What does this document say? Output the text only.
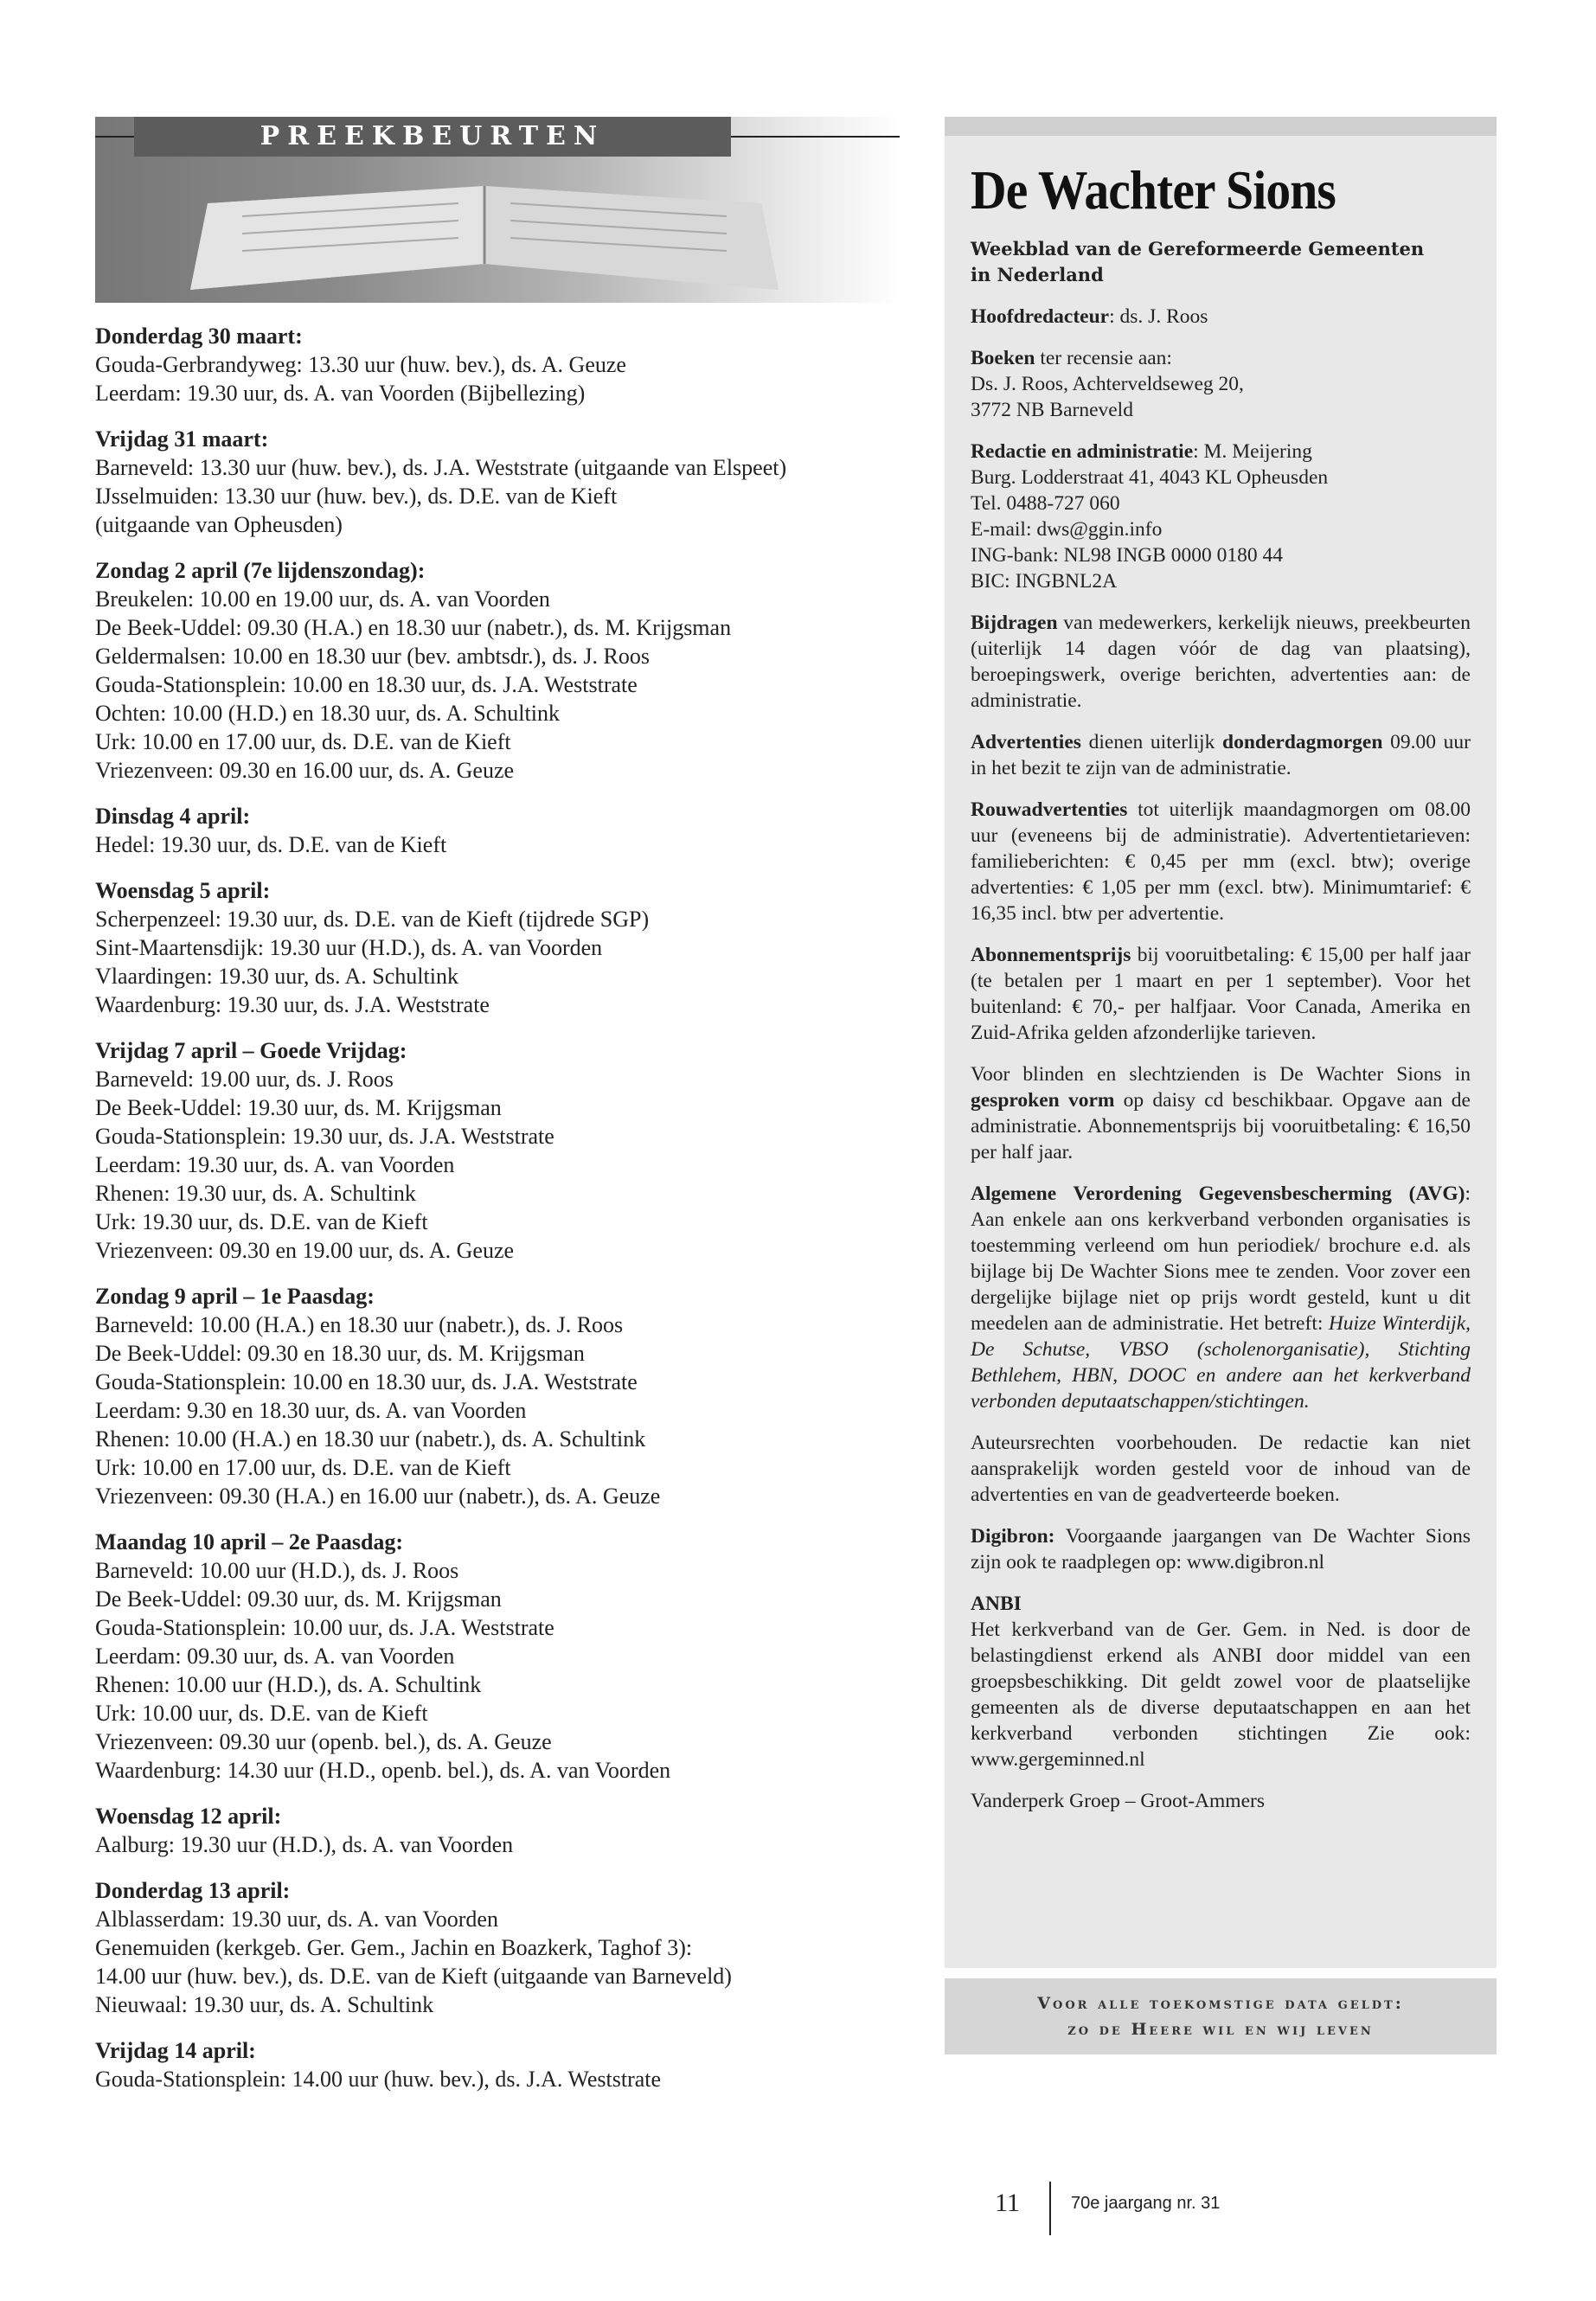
PREEKBEURTEN
Donderdag 30 maart:
Gouda-Gerbrandyweg: 13.30 uur (huw. bev.), ds. A. Geuze
Leerdam: 19.30 uur, ds. A. van Voorden (Bijbellezing)
Vrijdag 31 maart:
Barneveld: 13.30 uur (huw. bev.), ds. J.A. Weststrate (uitgaande van Elspeet)
IJsselmuiden: 13.30 uur (huw. bev.), ds. D.E. van de Kieft
(uitgaande van Opheusden)
Zondag 2 april (7e lijdenszondag):
Breukelen: 10.00 en 19.00 uur, ds. A. van Voorden
De Beek-Uddel: 09.30 (H.A.) en 18.30 uur (nabetr.), ds. M. Krijgsman
Geldermalsen: 10.00 en 18.30 uur (bev. ambtsdr.), ds. J. Roos
Gouda-Stationsplein: 10.00 en 18.30 uur, ds. J.A. Weststrate
Ochten: 10.00 (H.D.) en 18.30 uur, ds. A. Schultink
Urk: 10.00 en 17.00 uur, ds. D.E. van de Kieft
Vriezenveen: 09.30 en 16.00 uur, ds. A. Geuze
Dinsdag 4 april:
Hedel: 19.30 uur, ds. D.E. van de Kieft
Woensdag 5 april:
Scherpenzeel: 19.30 uur, ds. D.E. van de Kieft (tijdrede SGP)
Sint-Maartensdijk: 19.30 uur (H.D.), ds. A. van Voorden
Vlaardingen: 19.30 uur, ds. A. Schultink
Waardenburg: 19.30 uur, ds. J.A. Weststrate
Vrijdag 7 april – Goede Vrijdag:
Barneveld: 19.00 uur, ds. J. Roos
De Beek-Uddel: 19.30 uur, ds. M. Krijgsman
Gouda-Stationsplein: 19.30 uur, ds. J.A. Weststrate
Leerdam: 19.30 uur, ds. A. van Voorden
Rhenen: 19.30 uur, ds. A. Schultink
Urk: 19.30 uur, ds. D.E. van de Kieft
Vriezenveen: 09.30 en 19.00 uur, ds. A. Geuze
Zondag 9 april – 1e Paasdag:
Barneveld: 10.00 (H.A.) en 18.30 uur (nabetr.), ds. J. Roos
De Beek-Uddel: 09.30 en 18.30 uur, ds. M. Krijgsman
Gouda-Stationsplein: 10.00 en 18.30 uur, ds. J.A. Weststrate
Leerdam: 9.30 en 18.30 uur, ds. A. van Voorden
Rhenen: 10.00 (H.A.) en 18.30 uur (nabetr.), ds. A. Schultink
Urk: 10.00 en 17.00 uur, ds. D.E. van de Kieft
Vriezenveen: 09.30 (H.A.) en 16.00 uur (nabetr.), ds. A. Geuze
Maandag 10 april – 2e Paasdag:
Barneveld: 10.00 uur (H.D.), ds. J. Roos
De Beek-Uddel: 09.30 uur, ds. M. Krijgsman
Gouda-Stationsplein: 10.00 uur, ds. J.A. Weststrate
Leerdam: 09.30 uur, ds. A. van Voorden
Rhenen: 10.00 uur (H.D.), ds. A. Schultink
Urk: 10.00 uur, ds. D.E. van de Kieft
Vriezenveen: 09.30 uur (openb. bel.), ds. A. Geuze
Waardenburg: 14.30 uur (H.D., openb. bel.), ds. A. van Voorden
Woensdag 12 april:
Aalburg: 19.30 uur (H.D.), ds. A. van Voorden
Donderdag 13 april:
Alblasserdam: 19.30 uur, ds. A. van Voorden
Genemuiden (kerkgeb. Ger. Gem., Jachin en Boazkerk, Taghof 3):
14.00 uur (huw. bev.), ds. D.E. van de Kieft (uitgaande van Barneveld)
Nieuwaal: 19.30 uur, ds. A. Schultink
Vrijdag 14 april:
Gouda-Stationsplein: 14.00 uur (huw. bev.), ds. J.A. Weststrate
De Wachter Sions
Weekblad van de Gereformeerde Gemeenten
in Nederland
Hoofdredacteur: ds. J. Roos
Boeken ter recensie aan:
Ds. J. Roos, Achterveldseweg 20,
3772 NB Barneveld
Redactie en administratie: M. Meijering
Burg. Lodderstraat 41, 4043 KL Opheusden
Tel. 0488-727 060
E-mail: dws@ggin.info
ING-bank: NL98 INGB 0000 0180 44
BIC: INGBNL2A
Bijdragen van medewerkers, kerkelijk nieuws, preekbeurten (uiterlijk 14 dagen vóór de dag van plaatsing), beroepingswerk, overige berichten, advertenties aan: de administratie.
Advertenties dienen uiterlijk donderdagmorgen 09.00 uur in het bezit te zijn van de administratie.
Rouwadvertenties tot uiterlijk maandagmorgen om 08.00 uur (eveneens bij de administratie). Advertentietarieven: familieberichten: € 0,45 per mm (excl. btw); overige advertenties: € 1,05 per mm (excl. btw). Minimumtarief: € 16,35 incl. btw per advertentie.
Abonnementsprijs bij vooruitbetaling: € 15,00 per half jaar (te betalen per 1 maart en per 1 september). Voor het buitenland: € 70,- per halfjaar. Voor Canada, Amerika en Zuid-Afrika gelden afzonderlijke tarieven.
Voor blinden en slechtzienden is De Wachter Sions in gesproken vorm op daisy cd beschikbaar. Opgave aan de administratie. Abonnementsprijs bij vooruitbetaling: € 16,50 per half jaar.
Algemene Verordening Gegevensbescherming (AVG): Aan enkele aan ons kerkverband verbonden organisaties is toestemming verleend om hun periodiek/ brochure e.d. als bijlage bij De Wachter Sions mee te zenden. Voor zover een dergelijke bijlage niet op prijs wordt gesteld, kunt u dit meedelen aan de administratie. Het betreft: Huize Winterdijk, De Schutse, VBSO (scholenorganisatie), Stichting Bethlehem, HBN, DOOC en andere aan het kerkverband verbonden deputaatschappen/stichtingen.
Auteursrechten voorbehouden. De redactie kan niet aansprakelijk worden gesteld voor de inhoud van de advertenties en van de geadverteerde boeken.
Digibron: Voorgaande jaargangen van De Wachter Sions zijn ook te raadplegen op: www.digibron.nl
ANBI
Het kerkverband van de Ger. Gem. in Ned. is door de belastingdienst erkend als ANBI door middel van een groepsbeschikking. Dit geldt zowel voor de plaatselijke gemeenten als de diverse deputaatschappen en aan het kerkverband verbonden stichtingen Zie ook: www.gergeminned.nl
Vanderperk Groep – Groot-Ammers
Voor alle toekomstige data geldt:
zo de Heere wil en wij leven
11	70e jaargang nr. 31
